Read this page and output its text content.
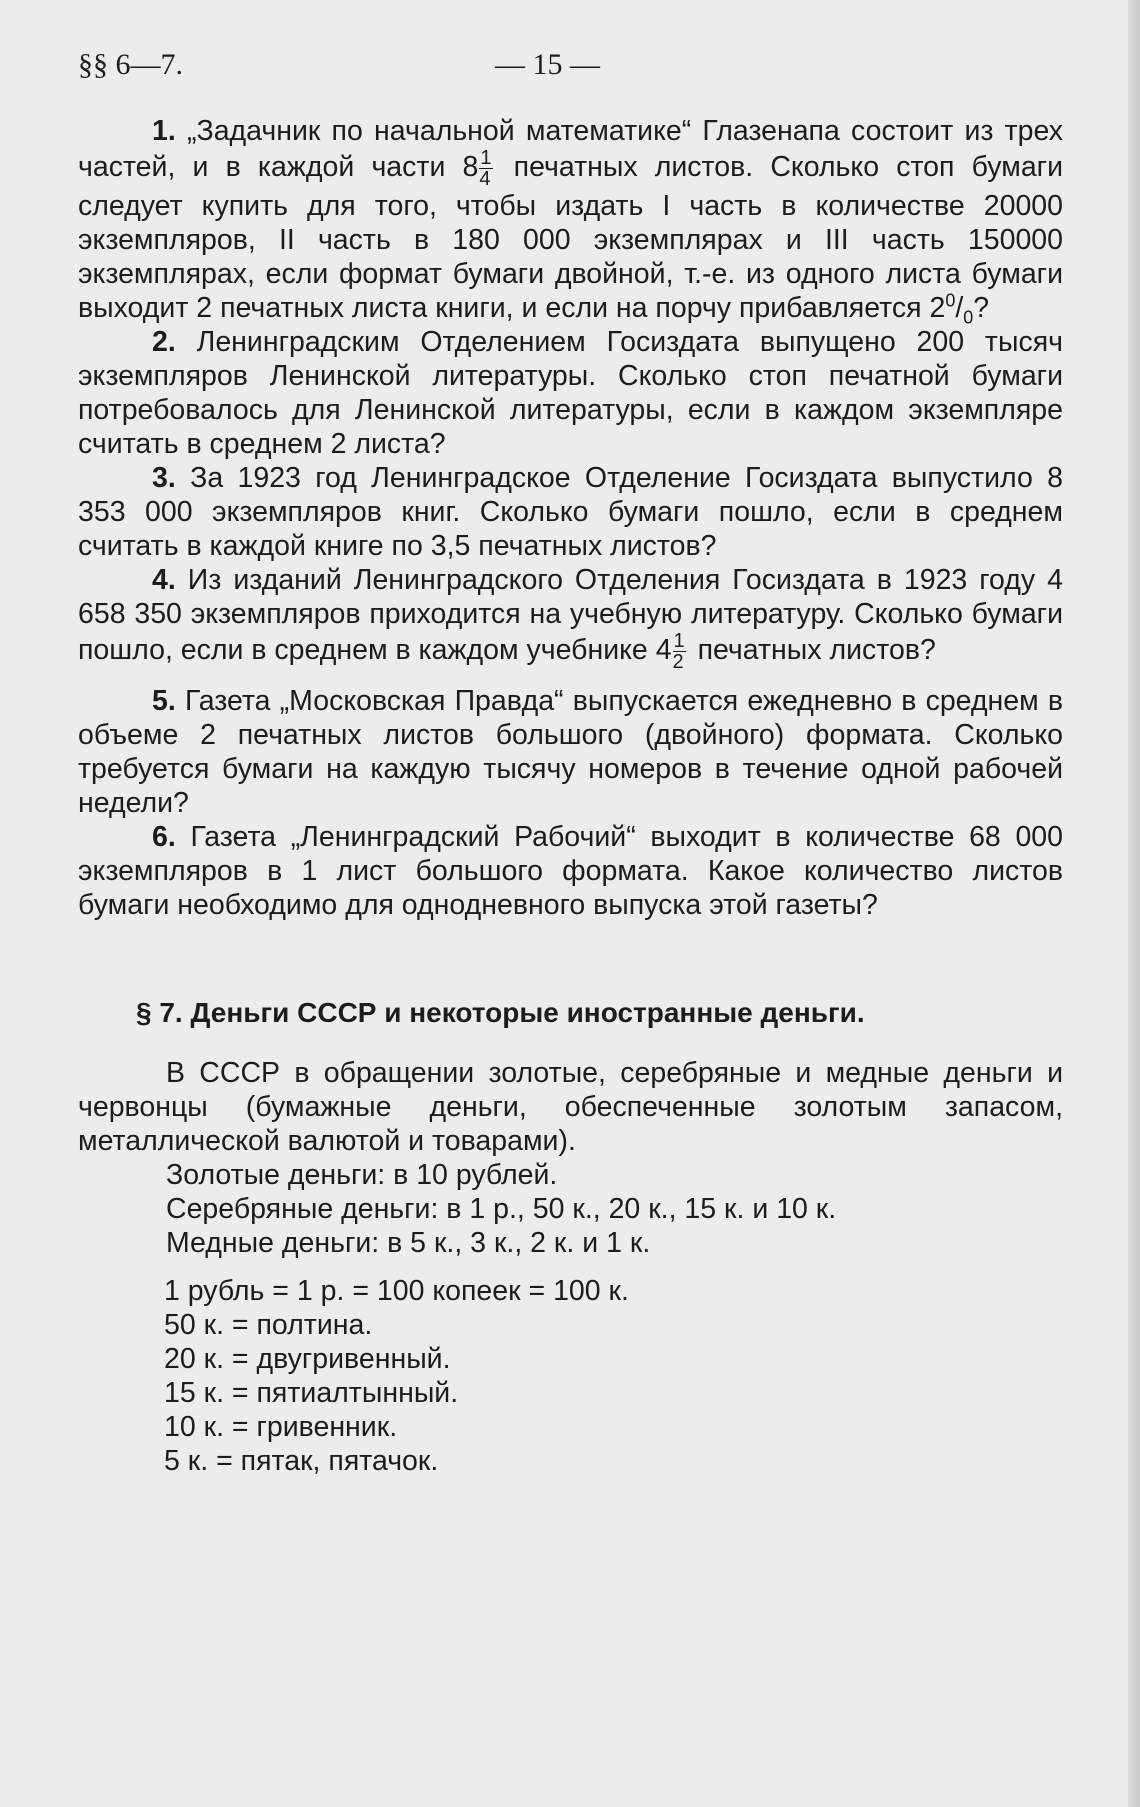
§§ 6—7.	— 15 —

1. „Задачник по начальной математике“ Глазенапа состоит из трех частей, и в каждой части $8 \frac{1}{4}$ печатных листов. Сколько стоп бумаги следует купить для того, чтобы издать I часть в количестве 20000 экземпляров, II часть в 180 000 экземплярах и III часть 150000 экземплярах, если формат бумаги двойной, т.-е. из одного листа бумаги выходит 2 печатных листа книги, и если на порчу прибавляется $2^0/_0$?

2. Ленинградским Отделением Госиздата выпущено 200 тысяч экземпляров Ленинской литературы. Сколько стоп печатной бумаги потребовалось для Ленинской литературы, если в каждом экземпляре считать в среднем 2 листа?

3. За 1923 год Ленинградское Отделение Госиздата выпустило 8 353 000 экземпляров книг. Сколько бумаги пошло, если в среднем считать в каждой книге по 3,5 печатных листов?

4. Из изданий Ленинградского Отделения Госиздата в 1923 году 4 658 350 экземпляров приходится на учебную литературу. Сколько бумаги пошло, если в среднем в каждом учебнике $4 \frac{1}{2}$ печатных листов?

5. Газета „Московская Правда“ выпускается ежедневно в среднем в объеме 2 печатных листов большого (двойного) формата. Сколько требуется бумаги на каждую тысячу номеров в течение одной рабочей недели?

6. Газета „Ленинградский Рабочий“ выходит в количестве 68 000 экземпляров в 1 лист большого формата. Какое количество листов бумаги необходимо для однодневного выпуска этой газеты?

§ 7. Деньги СССР и некоторые иностранные деньги.

В СССР в обращении золотые, серебряные и медные деньги и червонцы (бумажные деньги, обеспеченные золотым запасом, металлической валютой и товарами).

Золотые деньги: в 10 рублей.

Серебряные деньги: в 1 р., 50 к., 20 к., 15 к. и 10 к.

Медные деньги: в 5 к., 3 к., 2 к. и 1 к.

1 рубль = 1 р. = 100 копеек = 100 к.

50 к. = полтина.

20 к. = двугривенный.

15 к. = пятиалтынный.

10 к. = гривенник.

5 к. = пятак, пятачок.
